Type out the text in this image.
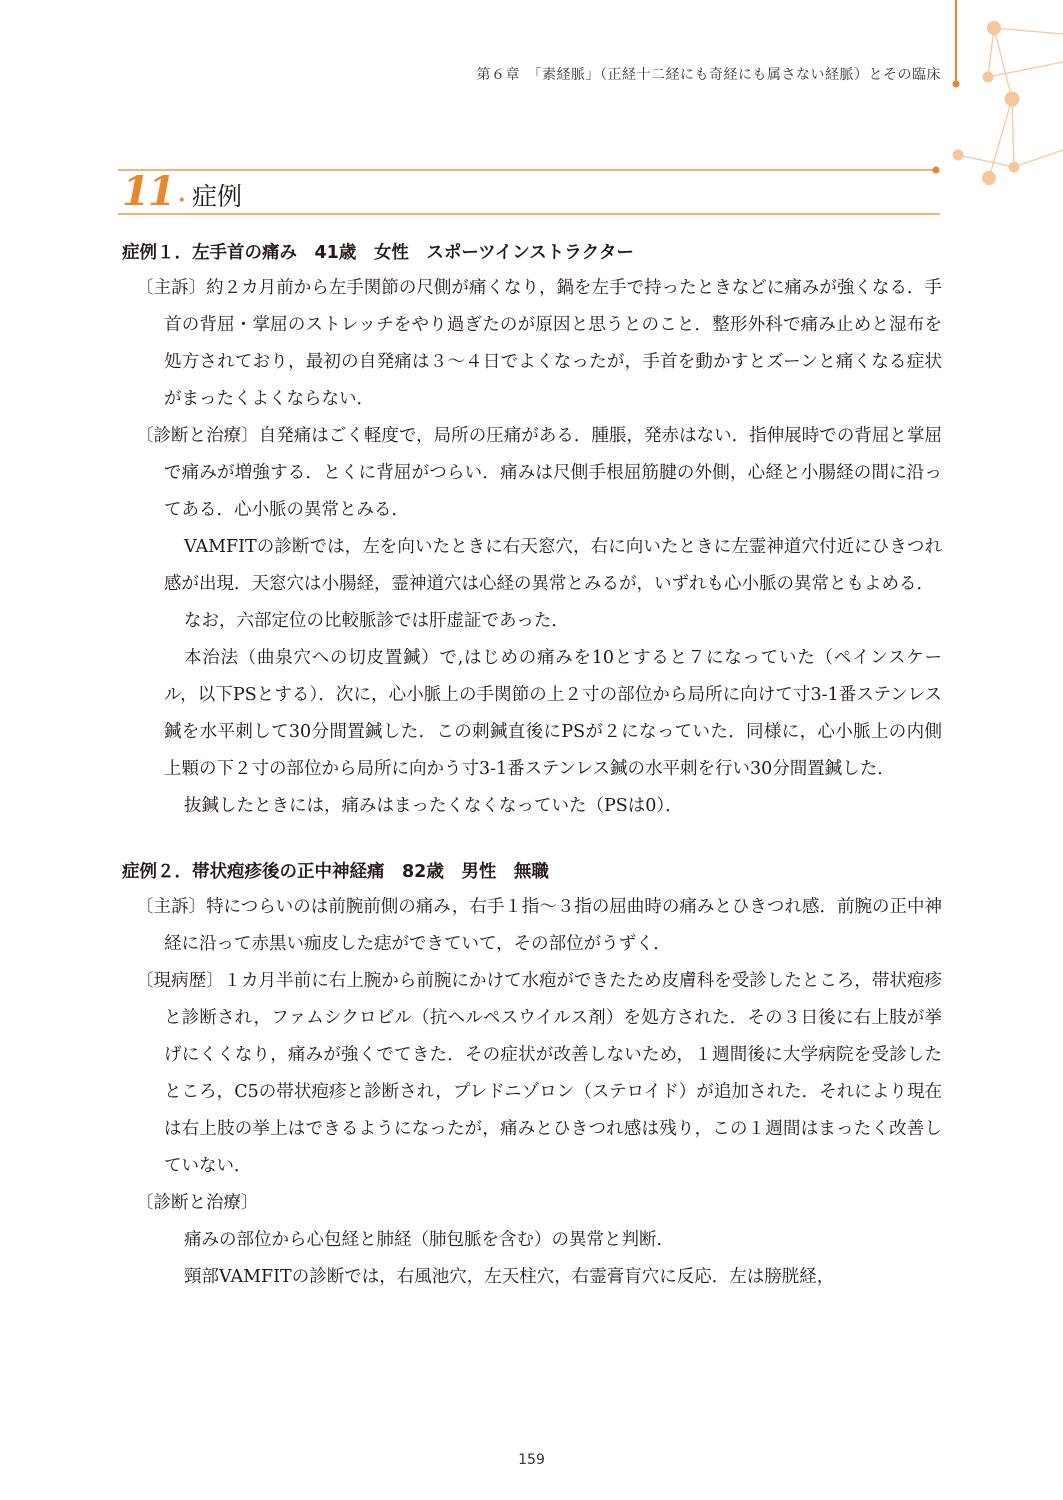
第６章　「素経脈」（正経十二経にも奇経にも属さない経脈）とその臨床
11 • 症例
症例１．左手首の痛み　41歳　女性　スポーツインストラクター

〔主訴〕約２カ月前から左手関節の尺側が痛くなり，鍋を左手で持ったときなどに痛みが強くなる．手首の背屈・掌屈のストレッチをやり過ぎたのが原因と思うとのこと．整形外科で痛み止めと湿布を処方されており，最初の自発痛は３～４日でよくなったが，手首を動かすとズーンと痛くなる症状がまったくよくならない．

〔診断と治療〕自発痛はごく軽度で，局所の圧痛がある．腫脹，発赤はない．指伸展時での背屈と掌屈で痛みが増強する．とくに背屈がつらい．痛みは尺側手根屈筋腱の外側，心経と小腸経の間に沿ってある．心小脈の異常とみる．

VAMFITの診断では，左を向いたときに右天窓穴，右に向いたときに左霊神道穴付近にひきつれ感が出現．天窓穴は小腸経，霊神道穴は心経の異常とみるが，いずれも心小脈の異常ともよめる．

なお，六部定位の比較脈診では肝虚証であった．

本治法（曲泉穴への切皮置鍼）で,はじめの痛みを10とすると７になっていた（ペインスケール，以下PSとする）．次に，心小脈上の手関節の上２寸の部位から局所に向けて寸3-1番ステンレス鍼を水平刺して30分間置鍼した．この刺鍼直後にPSが２になっていた．同様に，心小脈上の内側上顆の下２寸の部位から局所に向かう寸3-1番ステンレス鍼の水平刺を行い30分間置鍼した．

抜鍼したときには，痛みはまったくなくなっていた（PSは0）．

症例２．帯状疱疹後の正中神経痛　82歳　男性　無職

〔主訴〕特につらいのは前腕前側の痛み，右手１指～３指の屈曲時の痛みとひきつれ感．前腕の正中神経に沿って赤黒い痂皮した痣ができていて，その部位がうずく．

〔現病歴〕１カ月半前に右上腕から前腕にかけて水疱ができたため皮膚科を受診したところ，帯状疱疹と診断され，ファムシクロビル（抗ヘルペスウイルス剤）を処方された．その３日後に右上肢が挙げにくくなり，痛みが強くでてきた．その症状が改善しないため，１週間後に大学病院を受診したところ，C5の帯状疱疹と診断され，プレドニゾロン（ステロイド）が追加された．それにより現在は右上肢の挙上はできるようになったが，痛みとひきつれ感は残り，この１週間はまったく改善していない．

〔診断と治療〕

痛みの部位から心包経と肺経（肺包脈を含む）の異常と判断．

頸部VAMFITの診断では，右風池穴，左天柱穴，右霊膏肓穴に反応．左は膀胱経，

159
